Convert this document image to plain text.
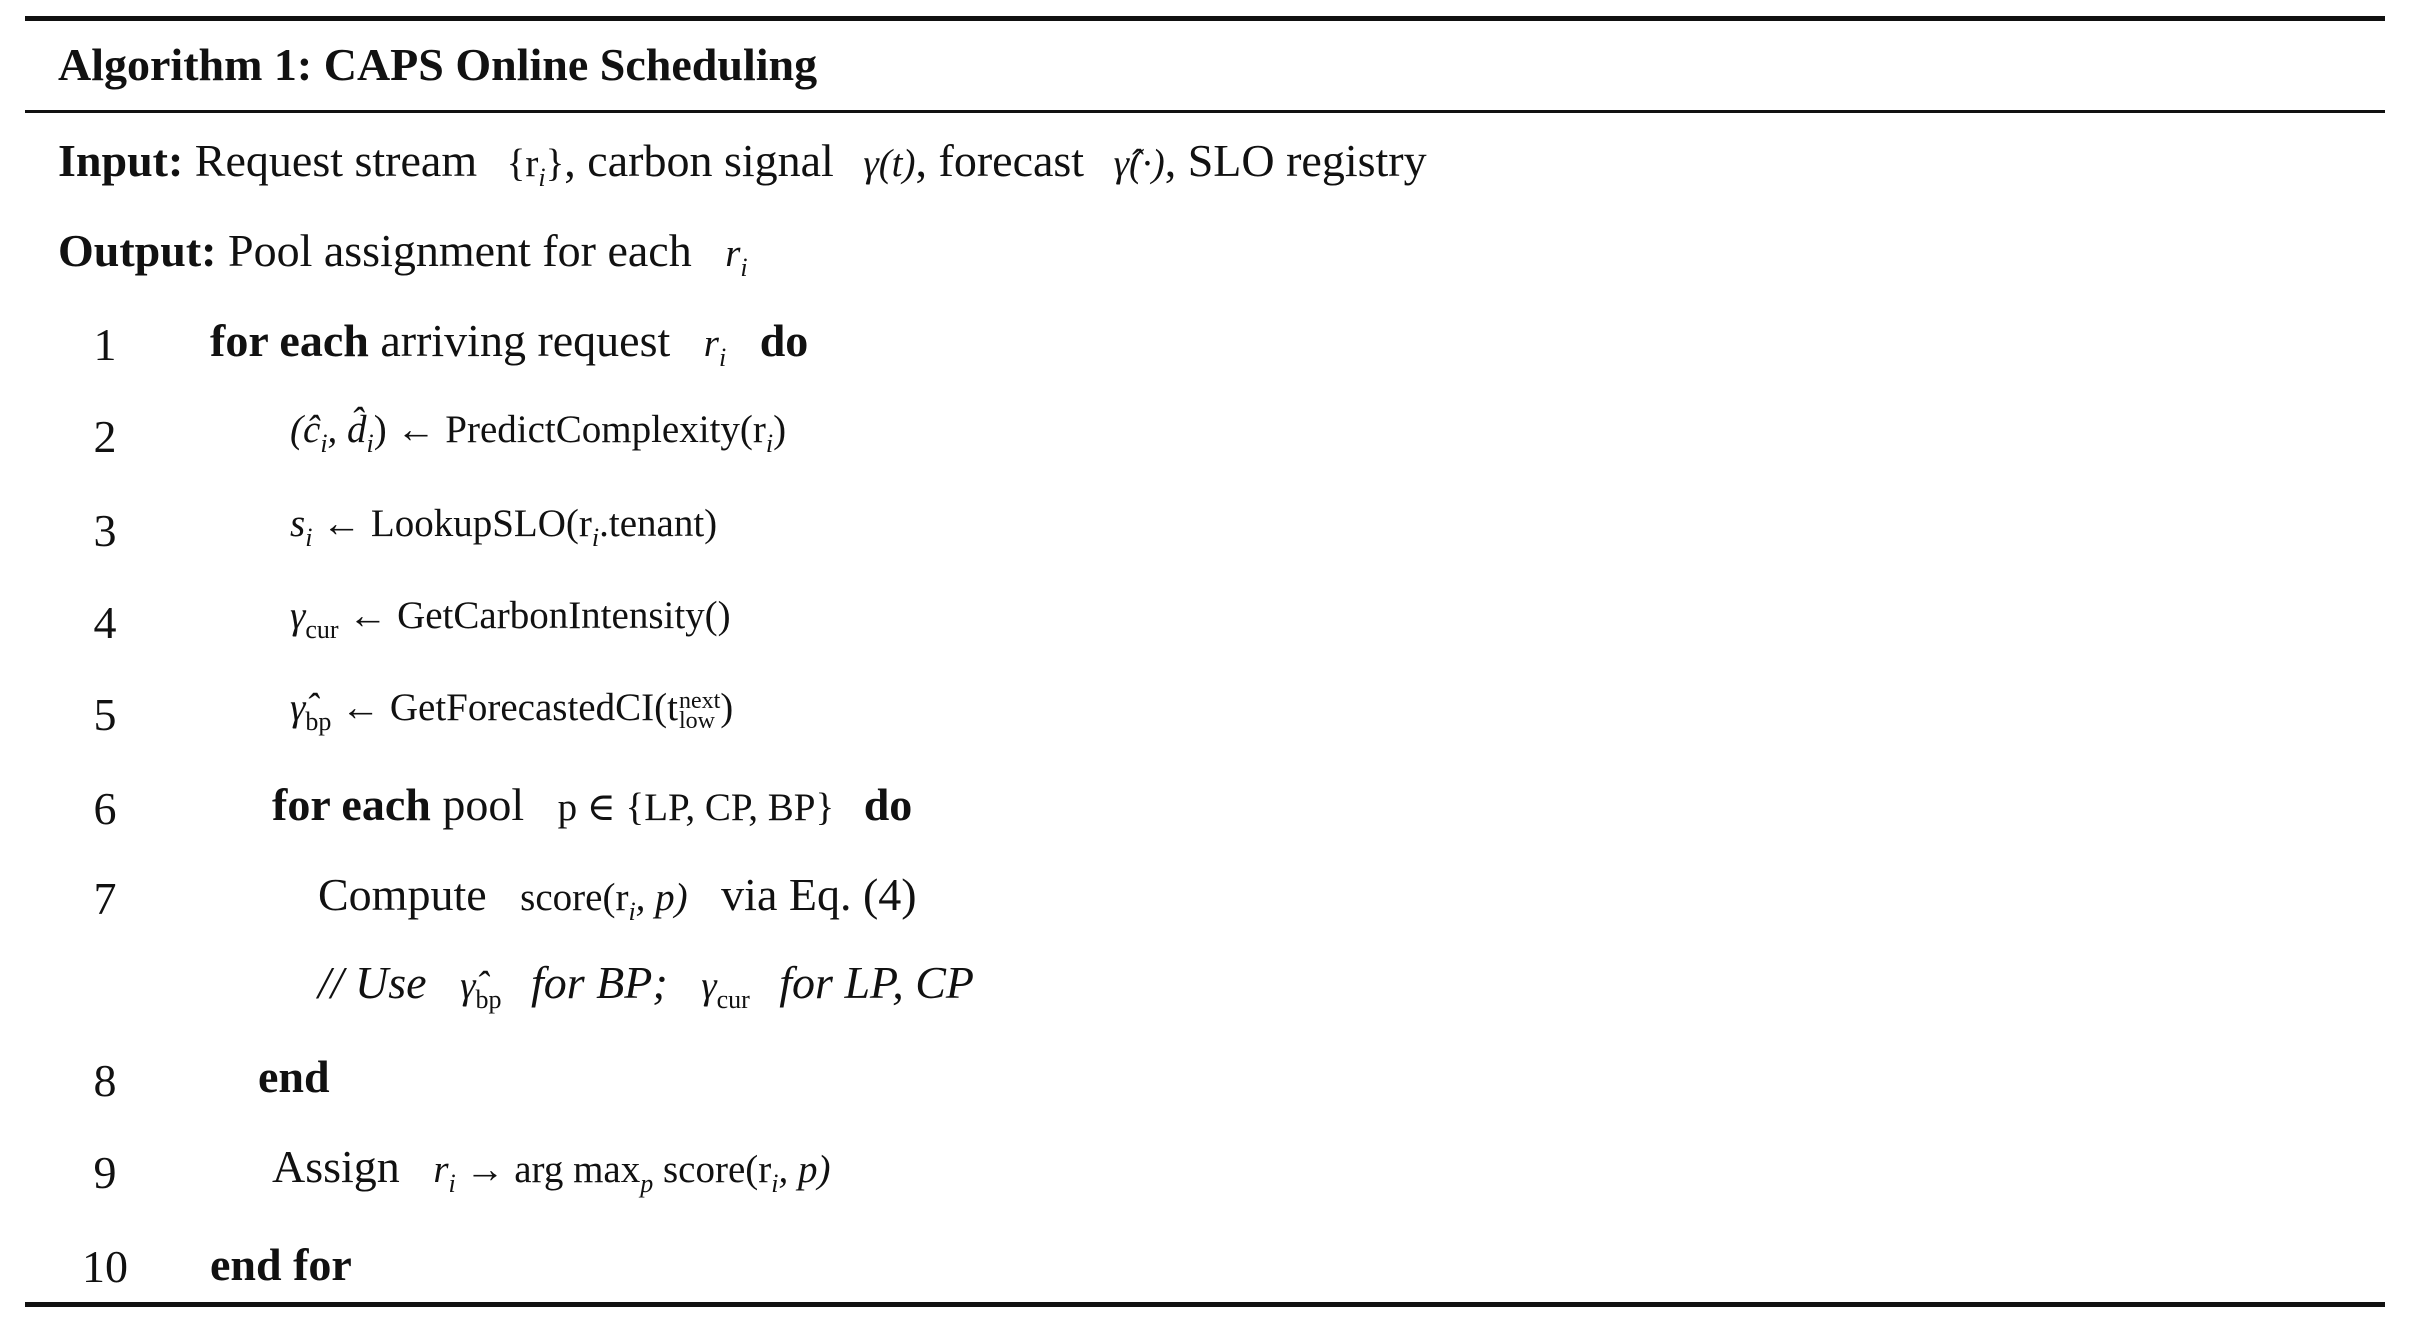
Algorithm 1: CAPS Online Scheduling
Input: Request stream $\{r_i\}$, carbon signal γ(t), forecast γ̂(·), SLO registry
Output: Pool assignment for each $r_i$
1	for each arriving request $r_i$ do
2	($ĉ_i$, $d̂_i$) ← $PredictComplexity(r_i)$
3	$s_i$ ← $LookupSLO(r_i.tenant)$
4	$\gamma_{cur}$ ← GetCarbonIntensity()
5	$\gammâ_{bp}$ ← GetForecastedCI(t next
low )
6	for each pool p ∈ {LP, CP, BP} do
7	Compute $score(r_i$, p) via Eq. (4)
// Use $\gammâ_{bp}$ for BP; $\gamma_{cur}$ for LP, CP
8	end
9	Assign $r_i$ → arg $\max_p$ $score(r_i$, p)
10	end for
